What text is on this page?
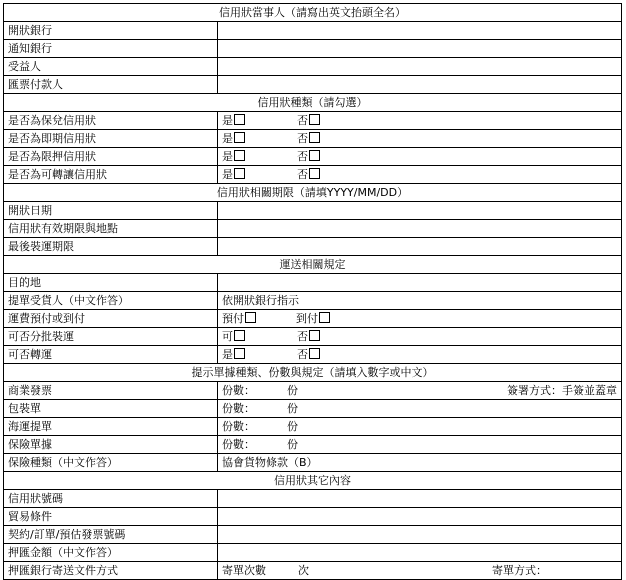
信用狀當事人（請寫出英文抬頭全名）	
開狀銀行	
通知銀行	
受益人	
匯票付款人	
信用狀種類（請勾選）	
是否為保兌信用狀	是 否
是否為即期信用狀	是 否
是否為限押信用狀	是 否
是否為可轉讓信用狀	是 否
信用狀相關期限（請填YYYY/MM/DD）	
開狀日期	
信用狀有效期限與地點	
最後裝運期限	
運送相關規定	
目的地	
提單受貨人（中文作答）	依開狀銀行指示
運費預付或到付	預付 到付
可否分批裝運	可 否
可否轉運	是 否
提示單據種類、份數與規定（請填入數字或中文）	
商業發票	份數： 份 簽署方式：手簽並蓋章

包裝單	份數： 份
海運提單	份數： 份
保險單據	份數： 份
保險種類（中文作答）	協會貨物條款（B）
信用狀其它內容	
信用狀號碼	
貿易條件	
契約/訂單/預估發票號碼	
押匯金額（中文作答）	
押匯銀行寄送文件方式	寄單次數 次 寄單方式：
